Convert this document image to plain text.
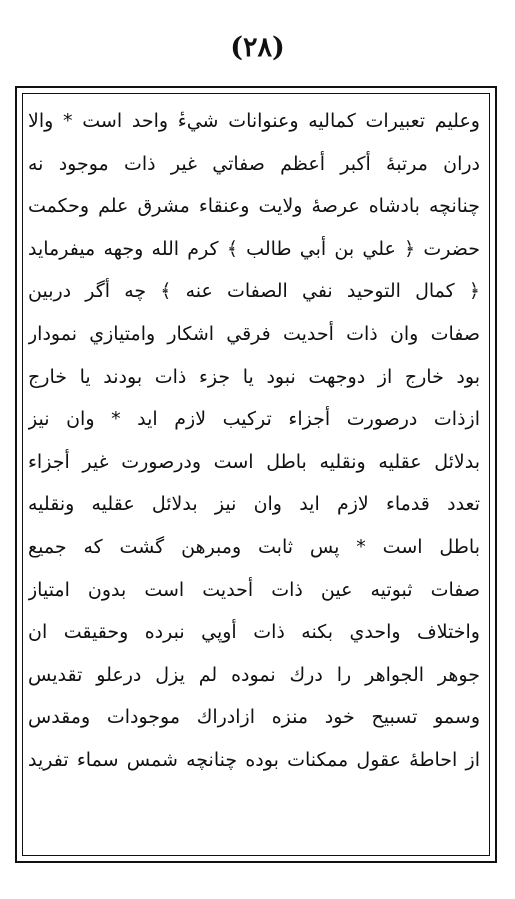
(٢٨)
وعليم تعبيرات كماليه وعنوانات شيءٔ واحد است * والا
دران مرتبهٔ أكبر أعظم صفاتي غير ذات موجود نه
چنانچه بادشاه عرصهٔ ولايت وعنقاء مشرق علم وحكمت
حضرت ﴿ علي بن أبي طالب ﴾ كرم الله وجهه ميفرمايد
﴿ كمال التوحيد نفي الصفات عنه ﴾ چه أگر دربين
صفات وان ذات أحديت فرقي اشكار وامتيازي نمودار
بود خارج از دوجهت نبود يا جزء ذات بودند يا خارج
ازذات درصورت أجزاء تركيب لازم ايد * وان نيز
بدلائل عقليه ونقليه باطل است ودرصورت غير أجزاء
تعدد قدماء لازم ايد وان نيز بدلائل عقليه ونقليه
باطل است * پس ثابت ومبرهن گشت كه جميع
صفات ثبوتيه عين ذات أحديت است بدون امتياز
واختلاف واحدي بكنه ذات أوپي نبرده وحقيقت ان
جوهر الجواهر را درك نموده لم يزل درعلو تقديس
وسمو تسبيح خود منزه ازادراك موجودات ومقدس
از احاطهٔ عقول ممكنات بوده چنانچه شمس سماء تفريد
